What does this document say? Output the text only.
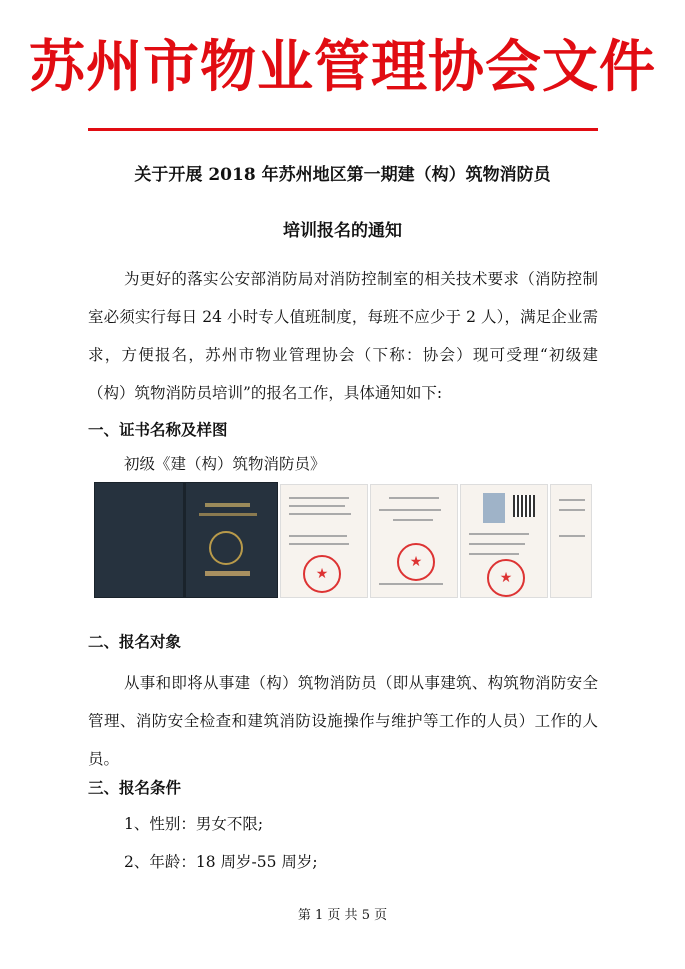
苏州市物业管理协会文件
关于开展 2018 年苏州地区第一期建（构）筑物消防员
培训报名的通知
为更好的落实公安部消防局对消防控制室的相关技术要求（消防控制室必须实行每日 24 小时专人值班制度，每班不应少于 2 人），满足企业需求，方便报名，苏州市物业管理协会（下称：协会）现可受理“初级建（构）筑物消防员培训”的报名工作，具体通知如下:
一、证书名称及样图
初级《建（构）筑物消防员》
★
★
★
二、报名对象
从事和即将从事建（构）筑物消防员（即从事建筑、构筑物消防安全管理、消防安全检查和建筑消防设施操作与维护等工作的人员）工作的人员。
三、报名条件
1、性别：男女不限;
2、年龄：18 周岁-55 周岁;
第 1 页 共 5 页
